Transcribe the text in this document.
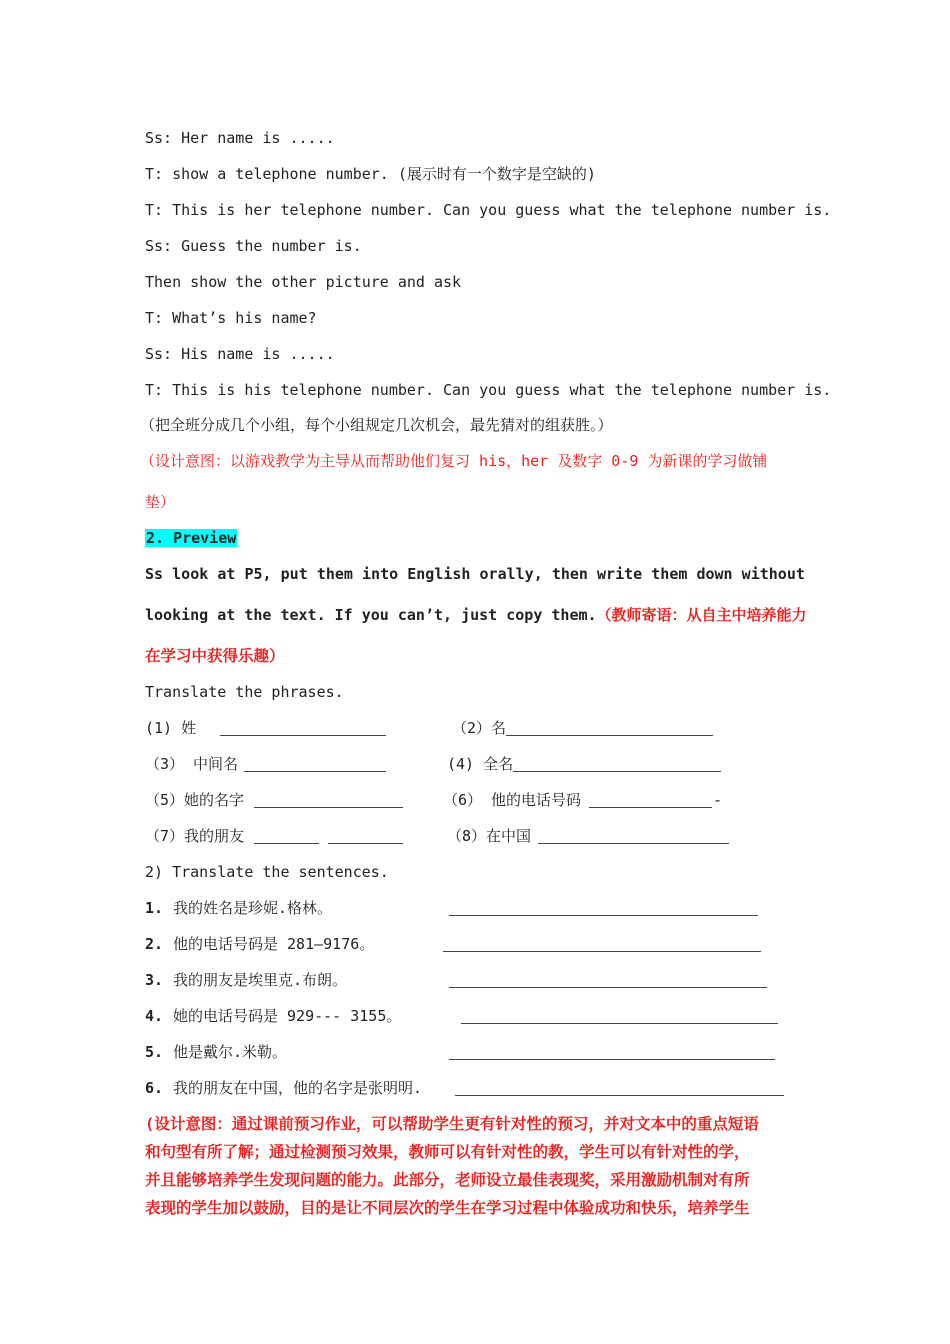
Ss: Her name is .....
T: show a telephone number. (展示时有一个数字是空缺的)
T: This is her telephone number. Can you guess what the telephone number is.
Ss: Guess the number is.
Then show the other picture and ask
T: What’s his name?
Ss: His name is .....
T: This is his telephone number. Can you guess what the telephone number is.
（把全班分成几个小组，每个小组规定几次机会，最先猜对的组获胜。）
（设计意图：以游戏教学为主导从而帮助他们复习 his，her 及数字 0-9 为新课的学习做铺
垫）
2. Preview
Ss look at P5, put them into English orally, then write them down without
looking at the text. If you can’t, just copy them.（教师寄语：从自主中培养能力
在学习中获得乐趣）
Translate the phrases.
(1) 姓	（2）名
（3） 中间名	(4) 全名
（5）她的名字	（6） 他的电话号码	-
（7）我的朋友	（8）在中国
2) Translate the sentences.
1. 我的姓名是珍妮.格林。
2. 他的电话号码是 281—9176。
3. 我的朋友是埃里克.布朗。
4. 她的电话号码是 929--- 3155。
5. 他是戴尔.米勒。
6. 我的朋友在中国，他的名字是张明明.
(设计意图：通过课前预习作业，可以帮助学生更有针对性的预习，并对文本中的重点短语
和句型有所了解；通过检测预习效果，教师可以有针对性的教，学生可以有针对性的学，
并且能够培养学生发现问题的能力。此部分，老师设立最佳表现奖，采用激励机制对有所
表现的学生加以鼓励，目的是让不同层次的学生在学习过程中体验成功和快乐，培养学生
